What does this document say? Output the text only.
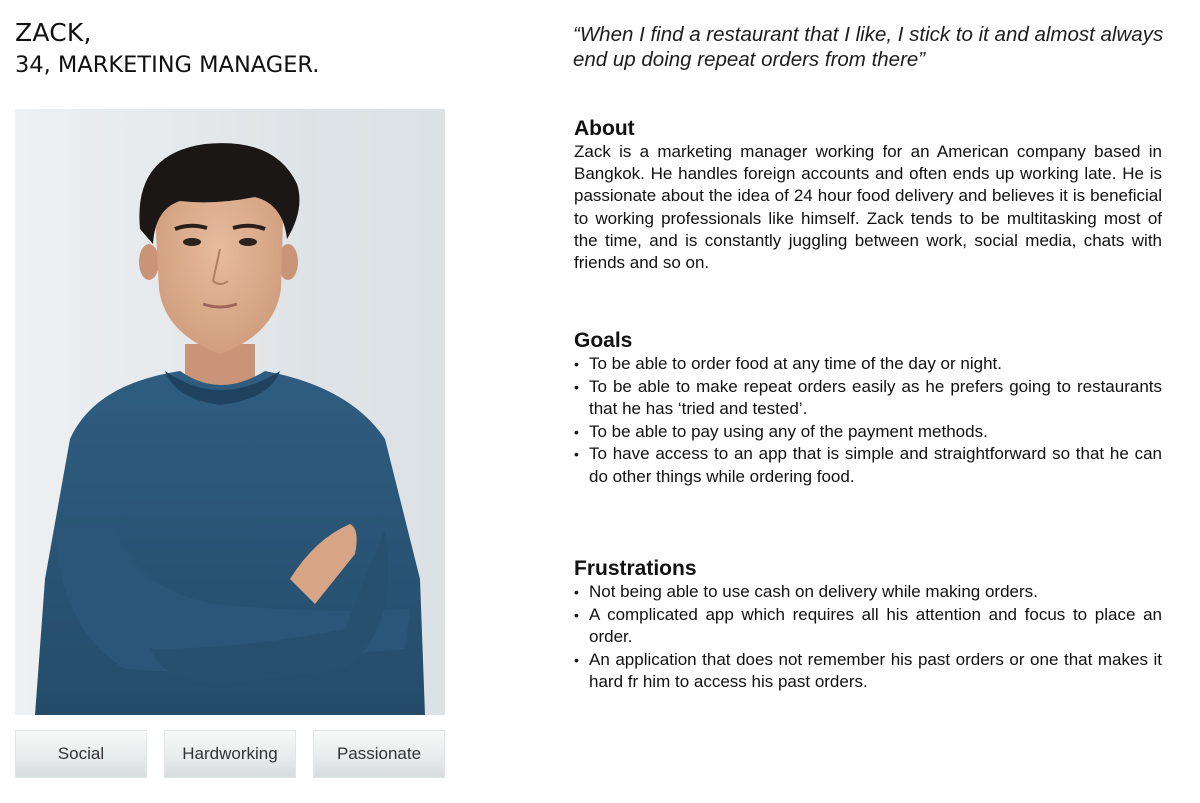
ZACK,
34, MARKETING MANAGER.
Social	Hardworking	Passionate
“When I find a restaurant that I like, I stick to it and almost always end up doing repeat orders from there”
About

Zack is a marketing manager working for an American company based in Bangkok. He handles foreign accounts and often ends up working late. He is passionate about the idea of 24 hour food delivery and believes it is beneficial to working professionals like himself. Zack tends to be multitasking most of the time, and is constantly juggling between work, social media, chats with friends and so on.

Goals
• To be able to order food at any time of the day or night.
• To be able to make repeat orders easily as he prefers going to restaurants that he has ‘tried and tested’.
• To be able to pay using any of the payment methods.
• To have access to an app that is simple and straightforward so that he can do other things while ordering food.
Frustrations
• Not being able to use cash on delivery while making orders.
• A complicated app which requires all his attention and focus to place an order.
• An application that does not remember his past orders or one that makes it hard fr him to access his past orders.
